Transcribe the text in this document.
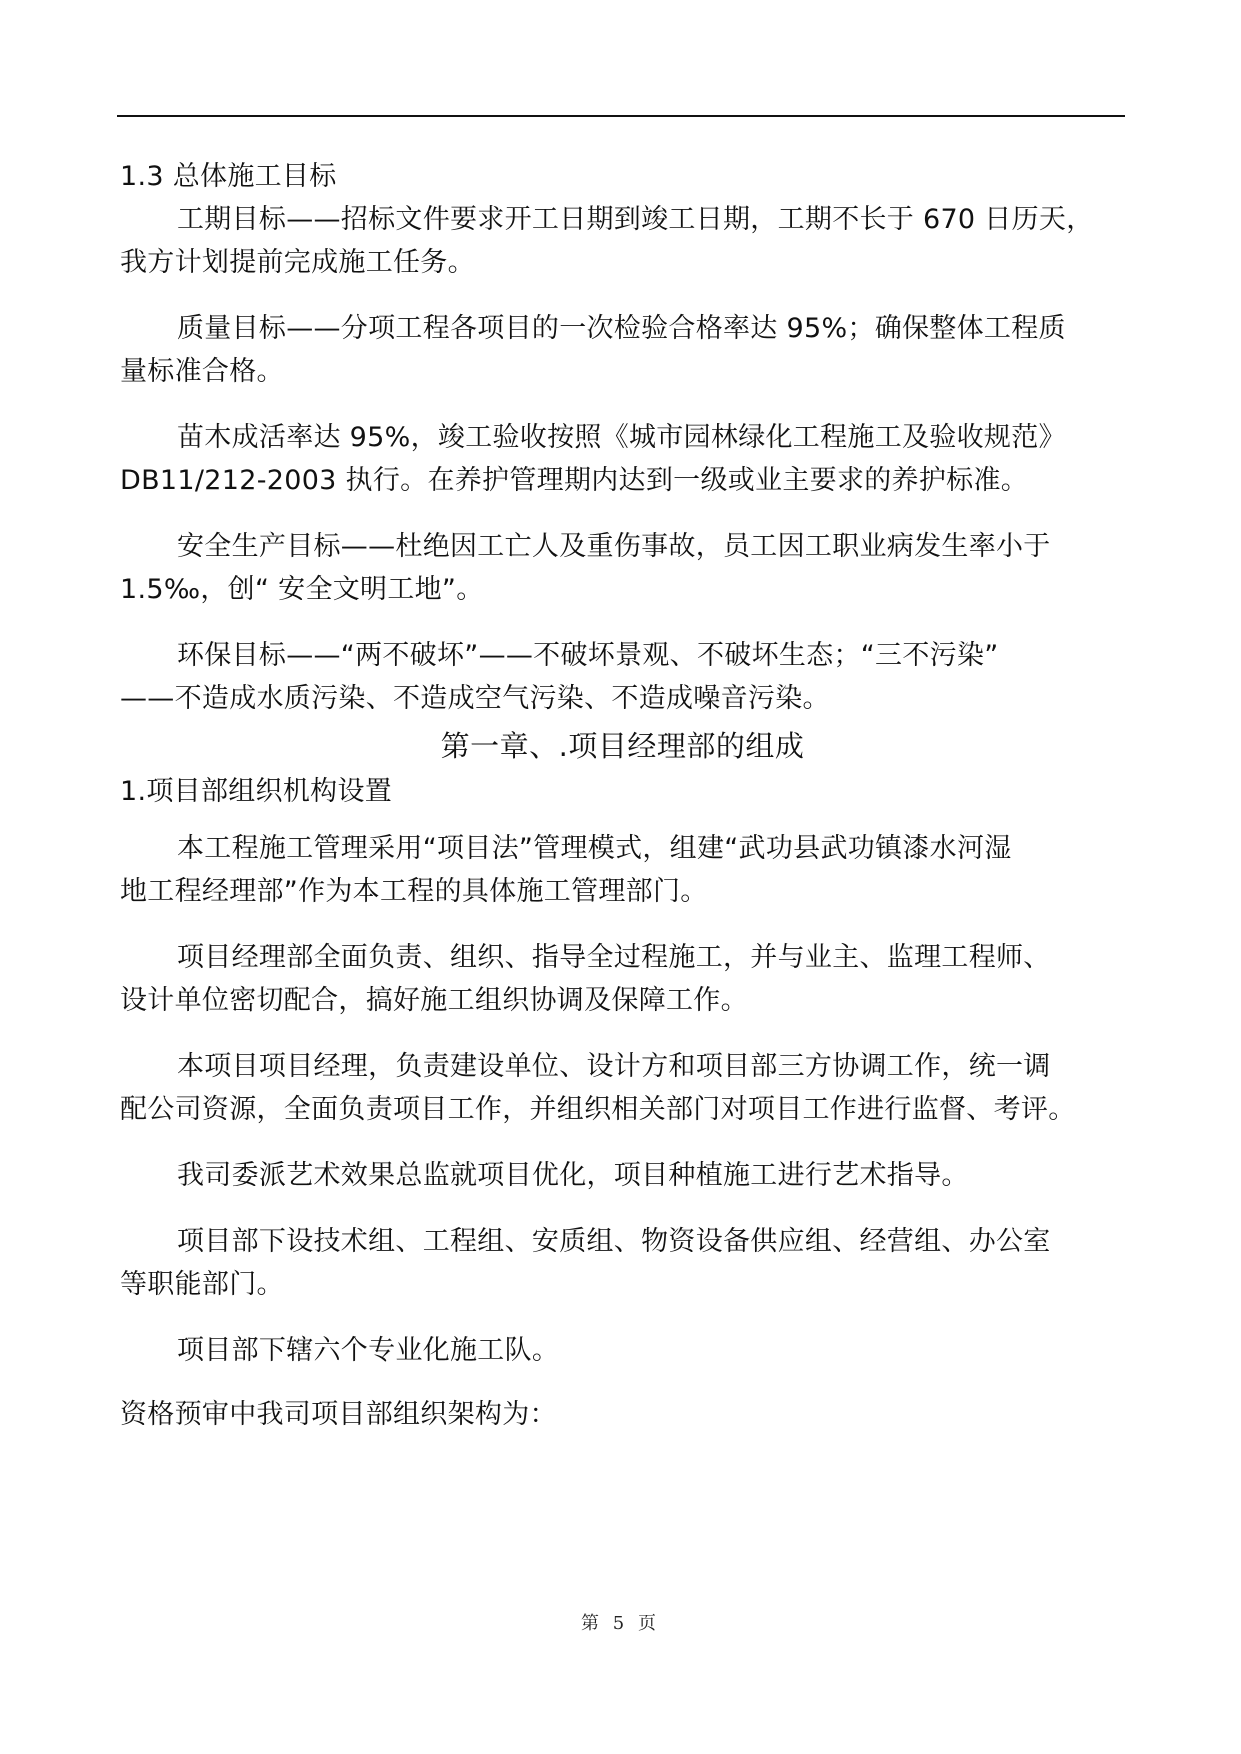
1.3 总体施工目标
工期目标——招标文件要求开工日期到竣工日期，工期不长于 670 日历天，
我方计划提前完成施工任务。
质量目标——分项工程各项目的一次检验合格率达 95%；确保整体工程质
量标准合格。
苗木成活率达 95%，竣工验收按照《城市园林绿化工程施工及验收规范》
DB11/212-2003 执行。在养护管理期内达到一级或业主要求的养护标准。
安全生产目标——杜绝因工亡人及重伤事故，员工因工职业病发生率小于
1.5‰，创“ 安全文明工地”。
环保目标——“两不破坏”——不破坏景观、不破坏生态；“三不污染”
——不造成水质污染、不造成空气污染、不造成噪音污染。
第一章、.项目经理部的组成
1.项目部组织机构设置
本工程施工管理采用“项目法”管理模式，组建“武功县武功镇漆水河湿
地工程经理部”作为本工程的具体施工管理部门。
项目经理部全面负责、组织、指导全过程施工，并与业主、监理工程师、
设计单位密切配合，搞好施工组织协调及保障工作。
本项目项目经理，负责建设单位、设计方和项目部三方协调工作，统一调
配公司资源，全面负责项目工作，并组织相关部门对项目工作进行监督、考评。
我司委派艺术效果总监就项目优化，项目种植施工进行艺术指导。
项目部下设技术组、工程组、安质组、物资设备供应组、经营组、办公室
等职能部门。
项目部下辖六个专业化施工队。
资格预审中我司项目部组织架构为：
第 5 页
